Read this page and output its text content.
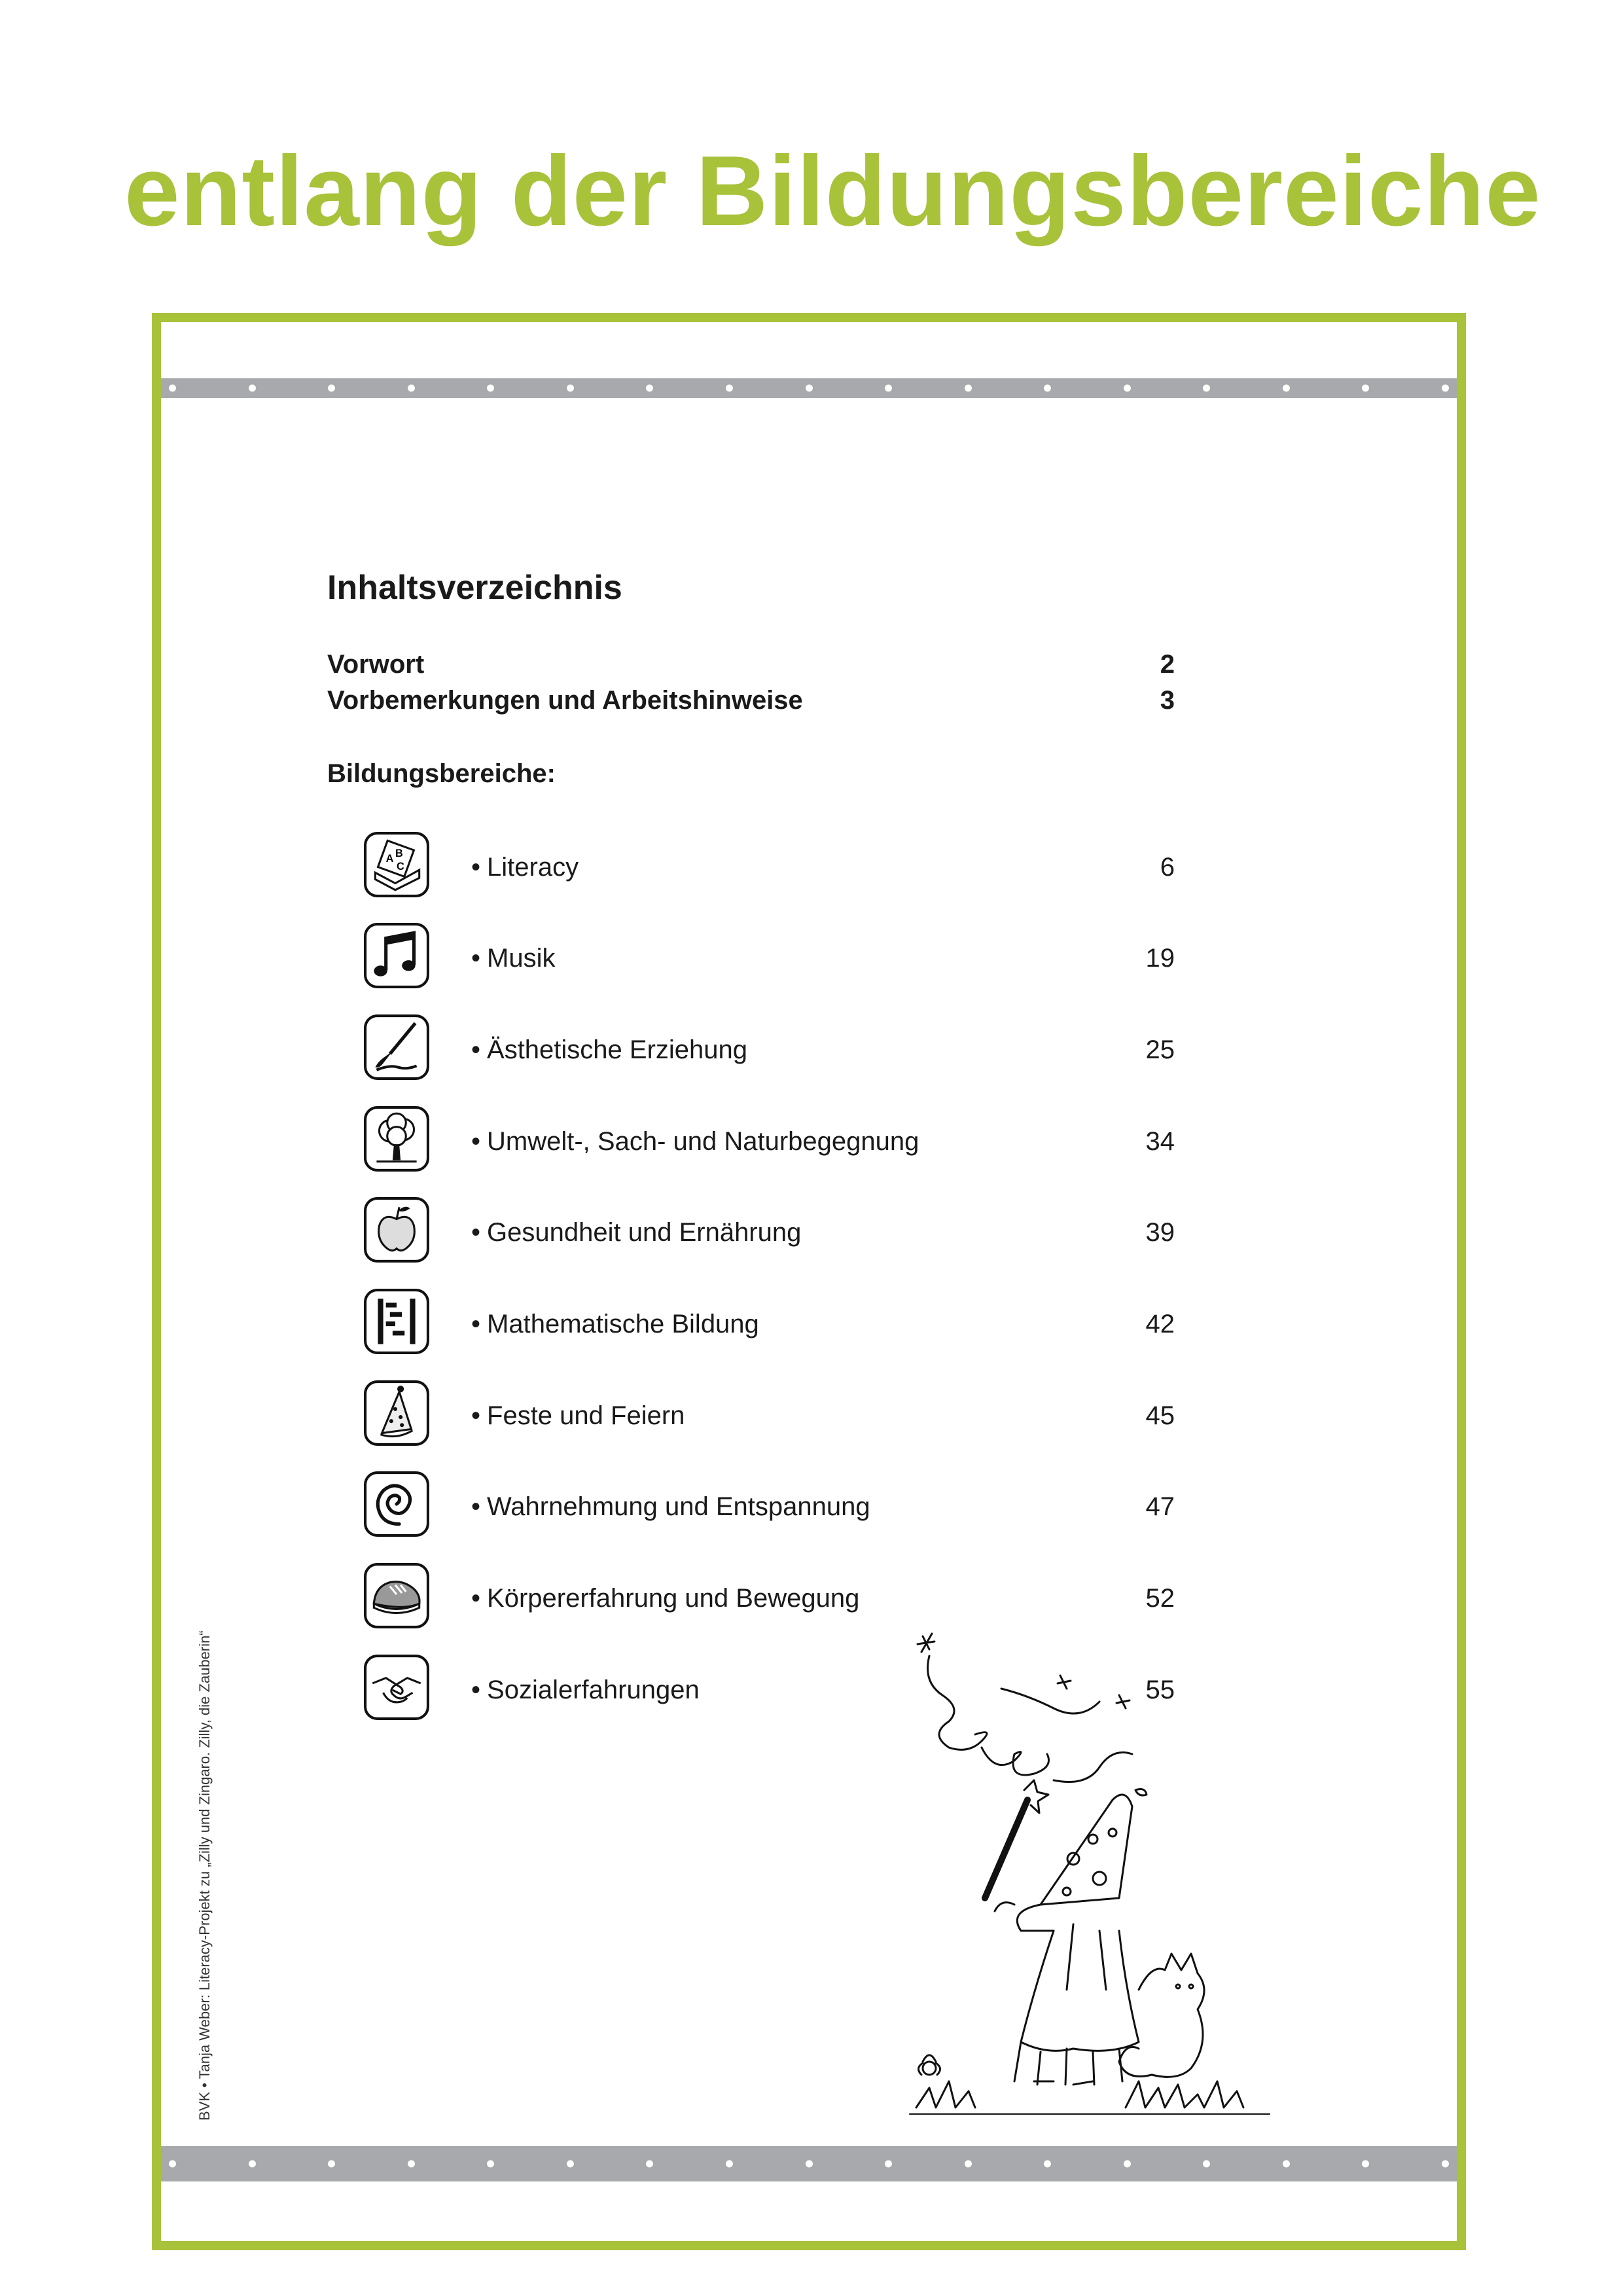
entlang der Bildungsbereiche
Inhaltsverzeichnis
Vorwort	2
Vorbemerkungen und Arbeitshinweise	3
Bildungsbereiche:
A B
C	• Literacy	6
• Musik	19
• Ästhetische Erziehung	25
• Umwelt-, Sach- und Naturbegegnung	34
• Gesundheit und Ernährung	39
• Mathematische Bildung	42
• Feste und Feiern	45
• Wahrnehmung und Entspannung	47
• Körpererfahrung und Bewegung	52
• Sozialerfahrungen	55
BVK • Tanja Weber: Literacy-Projekt zu „Zilly und Zingaro. Zilly, die Zauberin“
